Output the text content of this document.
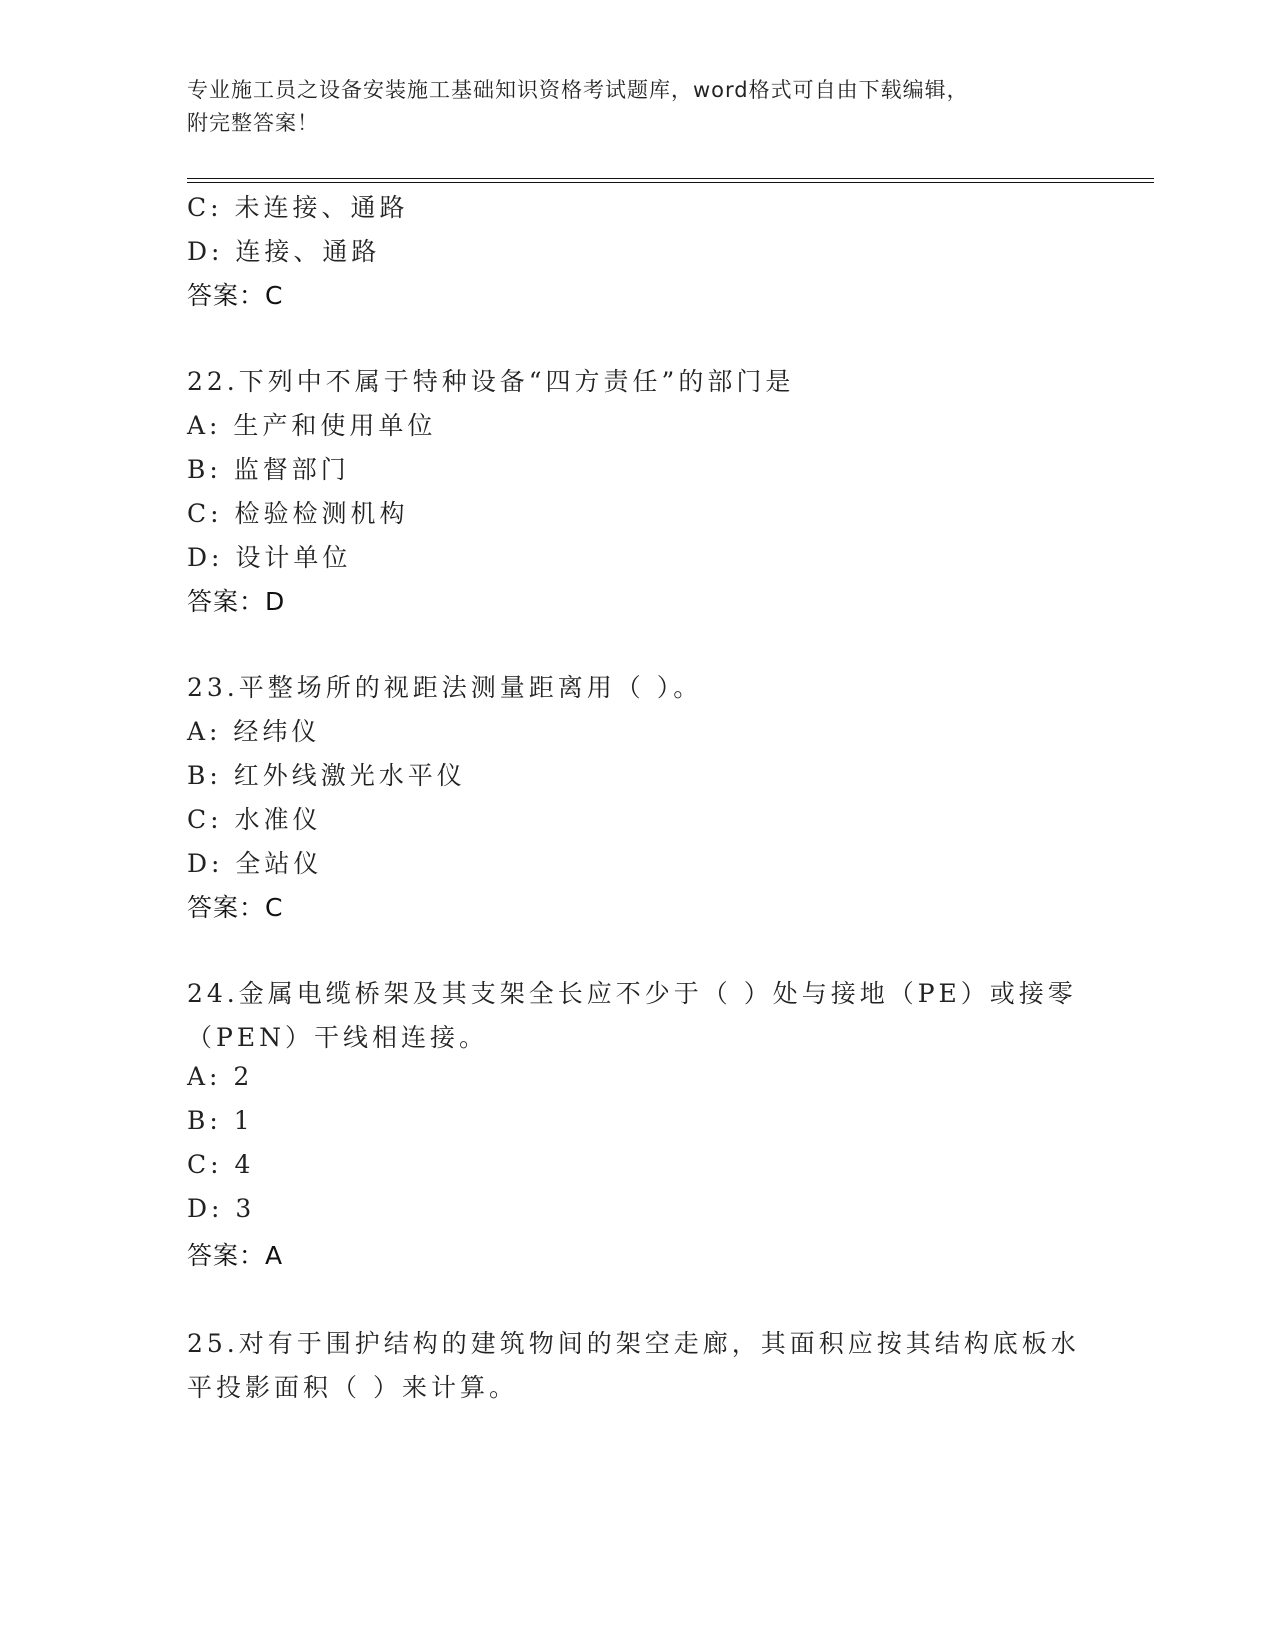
专业施工员之设备安装施工基础知识资格考试题库，word格式可自由下载编辑，
附完整答案！
C: 未连接、通路
D: 连接、通路
答案：C
22.下列中不属于特种设备“四方责任”的部门是
A: 生产和使用单位
B: 监督部门
C: 检验检测机构
D: 设计单位
答案：D
23.平整场所的视距法测量距离用（ ）。
A: 经纬仪
B: 红外线激光水平仪
C: 水准仪
D: 全站仪
答案：C
24.金属电缆桥架及其支架全长应不少于（ ）处与接地（PE）或接零
（PEN）干线相连接。
A: 2
B: 1
C: 4
D: 3
答案：A
25.对有于围护结构的建筑物间的架空走廊，其面积应按其结构底板水
平投影面积（ ）来计算。
